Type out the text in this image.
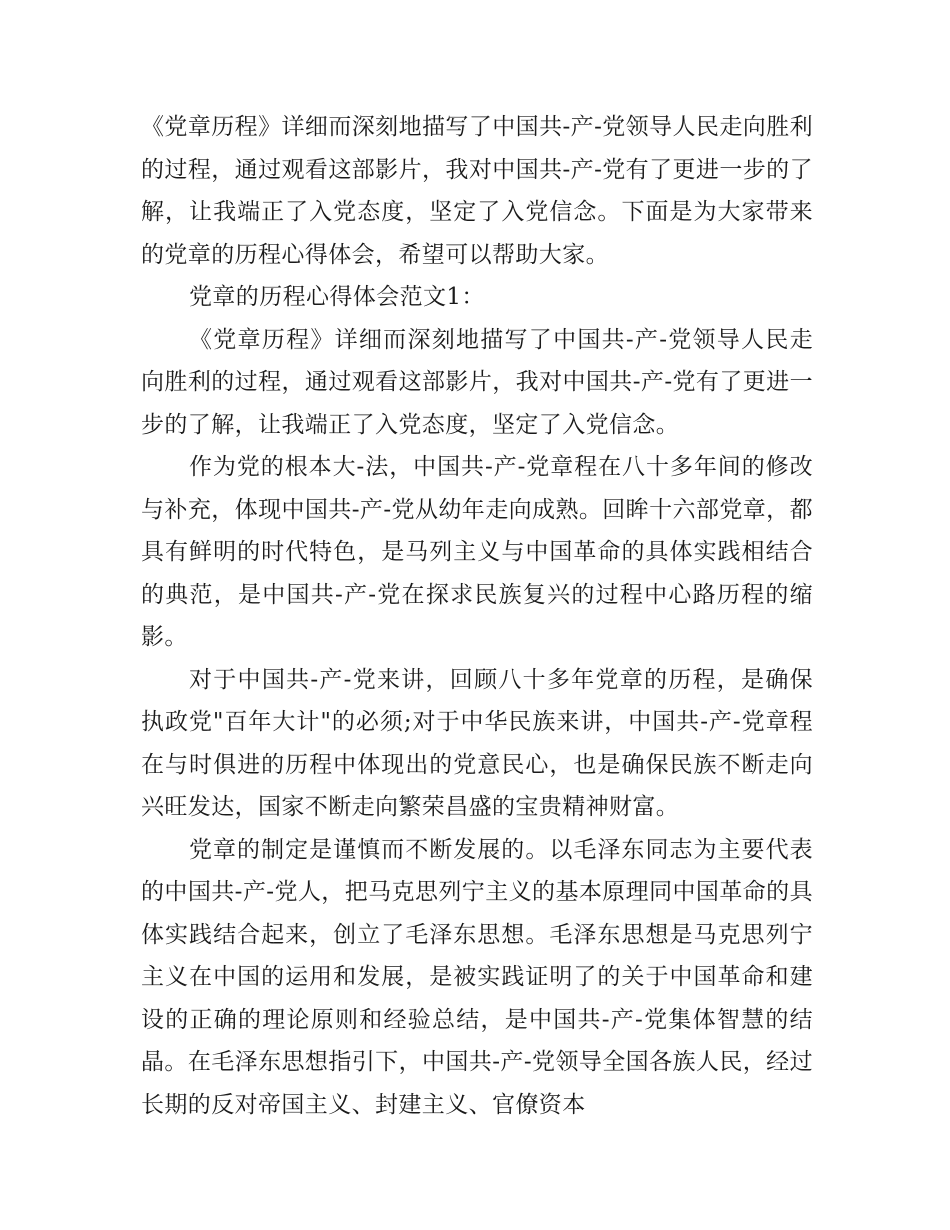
《党章历程》详细而深刻地描写了中国共-产-党领导人民走向胜利的过程，通过观看这部影片，我对中国共-产-党有了更进一步的了解，让我端正了入党态度，坚定了入党信念。下面是为大家带来的党章的历程心得体会，希望可以帮助大家。

党章的历程心得体会范文1：

《党章历程》详细而深刻地描写了中国共-产-党领导人民走向胜利的过程，通过观看这部影片，我对中国共-产-党有了更进一步的了解，让我端正了入党态度，坚定了入党信念。

作为党的根本大-法，中国共-产-党章程在八十多年间的修改与补充，体现中国共-产-党从幼年走向成熟。回眸十六部党章，都具有鲜明的时代特色，是马列主义与中国革命的具体实践相结合的典范，是中国共-产-党在探求民族复兴的过程中心路历程的缩影。

对于中国共-产-党来讲，回顾八十多年党章的历程，是确保执政党"百年大计"的必须;对于中华民族来讲，中国共-产-党章程在与时俱进的历程中体现出的党意民心，也是确保民族不断走向兴旺发达，国家不断走向繁荣昌盛的宝贵精神财富。

党章的制定是谨慎而不断发展的。以毛泽东同志为主要代表的中国共-产-党人，把马克思列宁主义的基本原理同中国革命的具体实践结合起来，创立了毛泽东思想。毛泽东思想是马克思列宁主义在中国的运用和发展，是被实践证明了的关于中国革命和建设的正确的理论原则和经验总结，是中国共-产-党集体智慧的结晶。在毛泽东思想指引下，中国共-产-党领导全国各族人民，经过长期的反对帝国主义、封建主义、官僚资本
